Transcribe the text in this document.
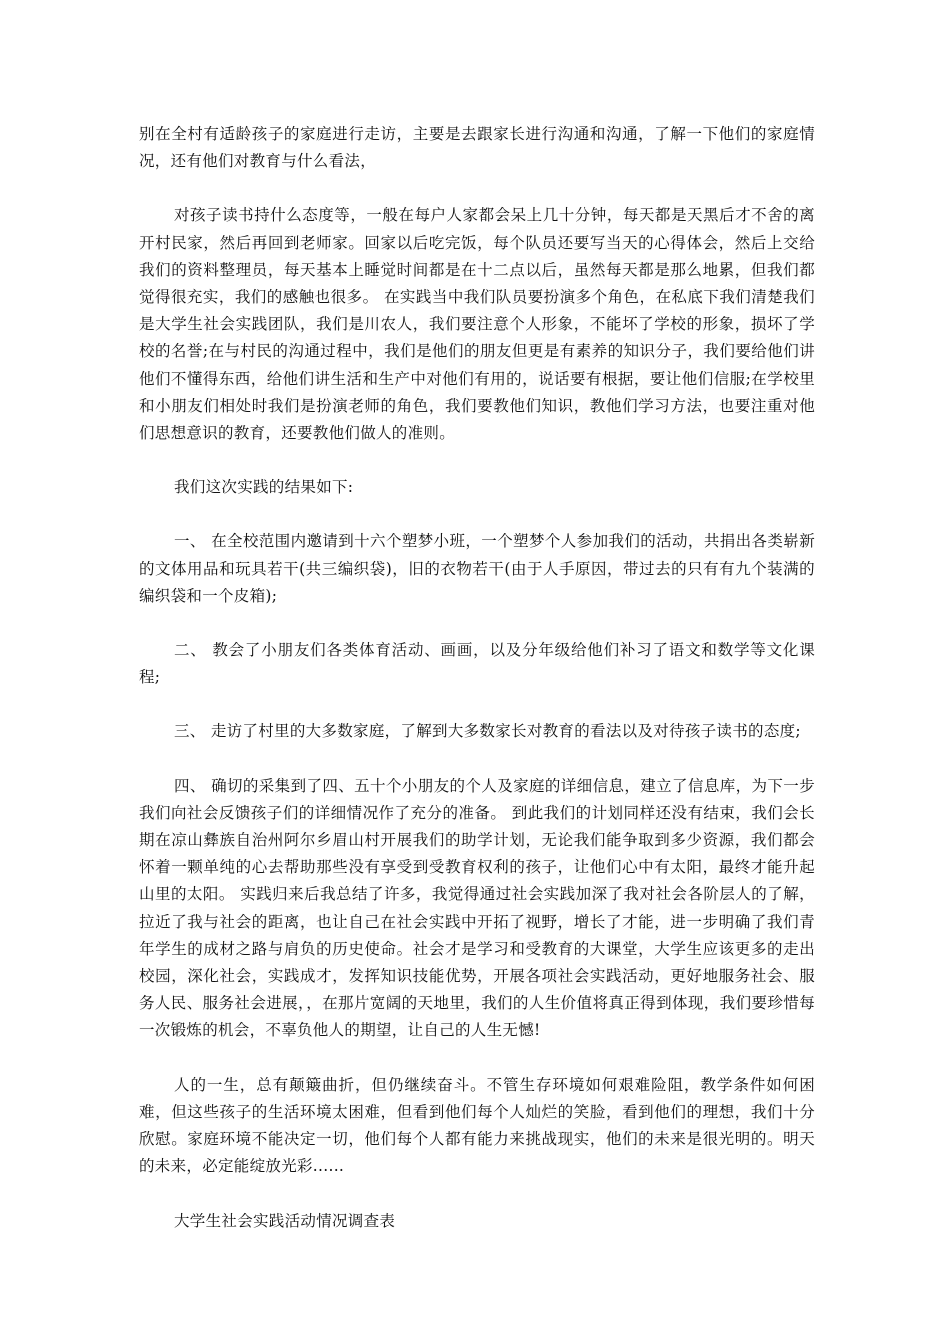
别在全村有适龄孩子的家庭进行走访，主要是去跟家长进行沟通和沟通，了解一下他们的家庭情况，还有他们对教育与什么看法，

对孩子读书持什么态度等，一般在每户人家都会呆上几十分钟，每天都是天黑后才不舍的离开村民家，然后再回到老师家。回家以后吃完饭，每个队员还要写当天的心得体会，然后上交给我们的资料整理员，每天基本上睡觉时间都是在十二点以后，虽然每天都是那么地累，但我们都觉得很充实，我们的感触也很多。 在实践当中我们队员要扮演多个角色，在私底下我们清楚我们是大学生社会实践团队，我们是川农人，我们要注意个人形象，不能坏了学校的形象，损坏了学校的名誉;在与村民的沟通过程中，我们是他们的朋友但更是有素养的知识分子，我们要给他们讲他们不懂得东西，给他们讲生活和生产中对他们有用的，说话要有根据，要让他们信服;在学校里和小朋友们相处时我们是扮演老师的角色，我们要教他们知识，教他们学习方法，也要注重对他们思想意识的教育，还要教他们做人的准则。

我们这次实践的结果如下:

一、 在全校范围内邀请到十六个塑梦小班，一个塑梦个人参加我们的活动，共捐出各类崭新的文体用品和玩具若干(共三编织袋)，旧的衣物若干(由于人手原因，带过去的只有有九个装满的编织袋和一个皮箱);

二、 教会了小朋友们各类体育活动、画画，以及分年级给他们补习了语文和数学等文化课程;

三、 走访了村里的大多数家庭，了解到大多数家长对教育的看法以及对待孩子读书的态度;

四、 确切的采集到了四、五十个小朋友的个人及家庭的详细信息，建立了信息库，为下一步我们向社会反馈孩子们的详细情况作了充分的准备。 到此我们的计划同样还没有结束，我们会长期在凉山彝族自治州阿尔乡眉山村开展我们的助学计划，无论我们能争取到多少资源，我们都会怀着一颗单纯的心去帮助那些没有享受到受教育权利的孩子，让他们心中有太阳，最终才能升起山里的太阳。 实践归来后我总结了许多，我觉得通过社会实践加深了我对社会各阶层人的了解，拉近了我与社会的距离，也让自己在社会实践中开拓了视野，增长了才能，进一步明确了我们青年学生的成材之路与肩负的历史使命。社会才是学习和受教育的大课堂，大学生应该更多的走出校园，深化社会，实践成才，发挥知识技能优势，开展各项社会实践活动，更好地服务社会、服务人民、服务社会进展，，在那片宽阔的天地里，我们的人生价值将真正得到体现，我们要珍惜每一次锻炼的机会，不辜负他人的期望，让自己的人生无憾!

人的一生，总有颠簸曲折，但仍继续奋斗。不管生存环境如何艰难险阻，教学条件如何困难，但这些孩子的生活环境太困难，但看到他们每个人灿烂的笑脸，看到他们的理想，我们十分欣慰。家庭环境不能决定一切，他们每个人都有能力来挑战现实，他们的未来是很光明的。明天的未来，必定能绽放光彩......

大学生社会实践活动情况调查表
